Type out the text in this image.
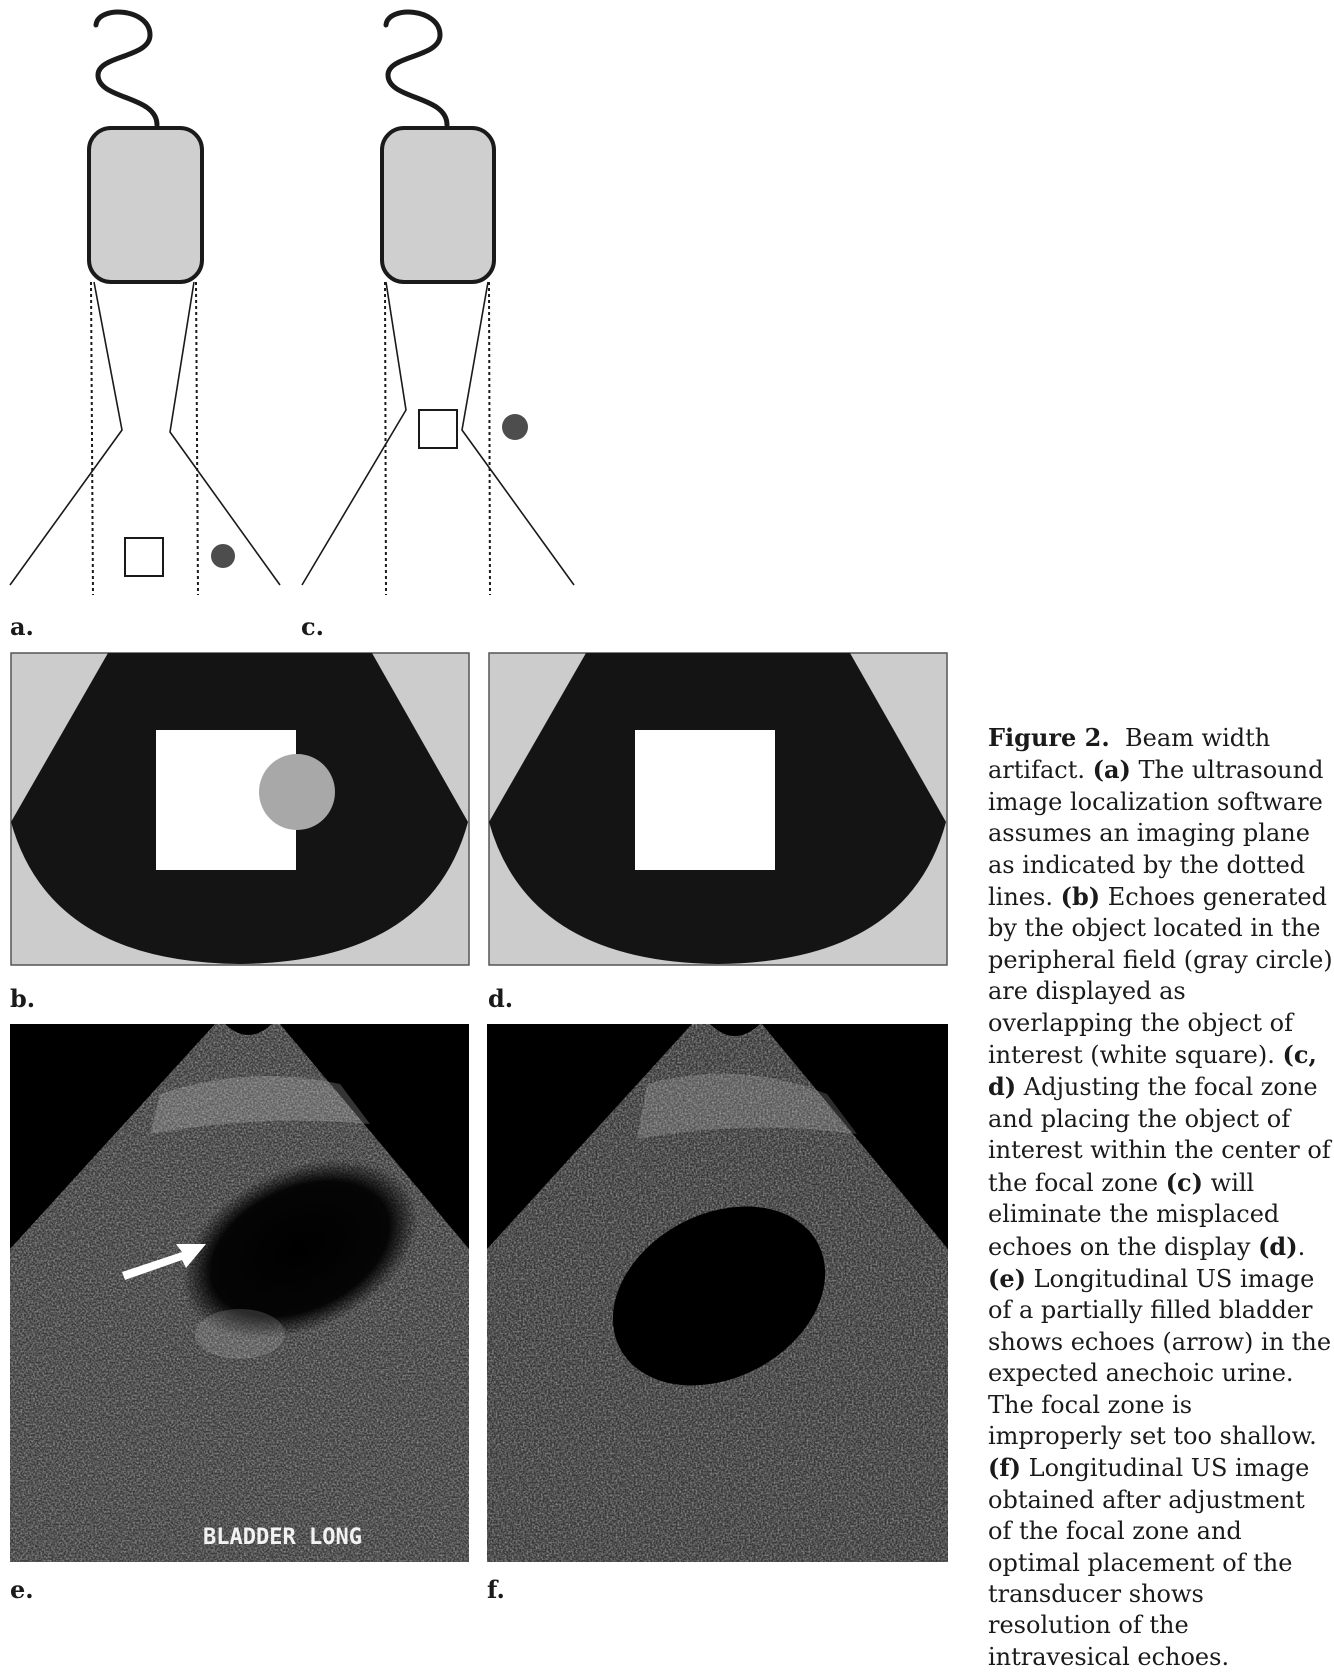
a.	c.
b.	d.
BLADDER LONG
e.	f.
Figure 2. Beam width artifact. (a) The ultrasound image localization software assumes an imaging plane as indicated by the dotted lines. (b) Echoes generated by the object located in the peripheral field (gray circle) are displayed as overlapping the object of interest (white square). (c, d) Adjusting the focal zone and placing the object of interest within the center of the focal zone (c) will eliminate the misplaced echoes on the display (d).
(e) Longitudinal US image of a partially filled bladder shows echoes (arrow) in the expected anechoic urine. The focal zone is improperly set too shallow. (f) Longitudinal US image obtained after adjustment of the focal zone and optimal placement of the transducer shows resolution of the intravesical echoes.
